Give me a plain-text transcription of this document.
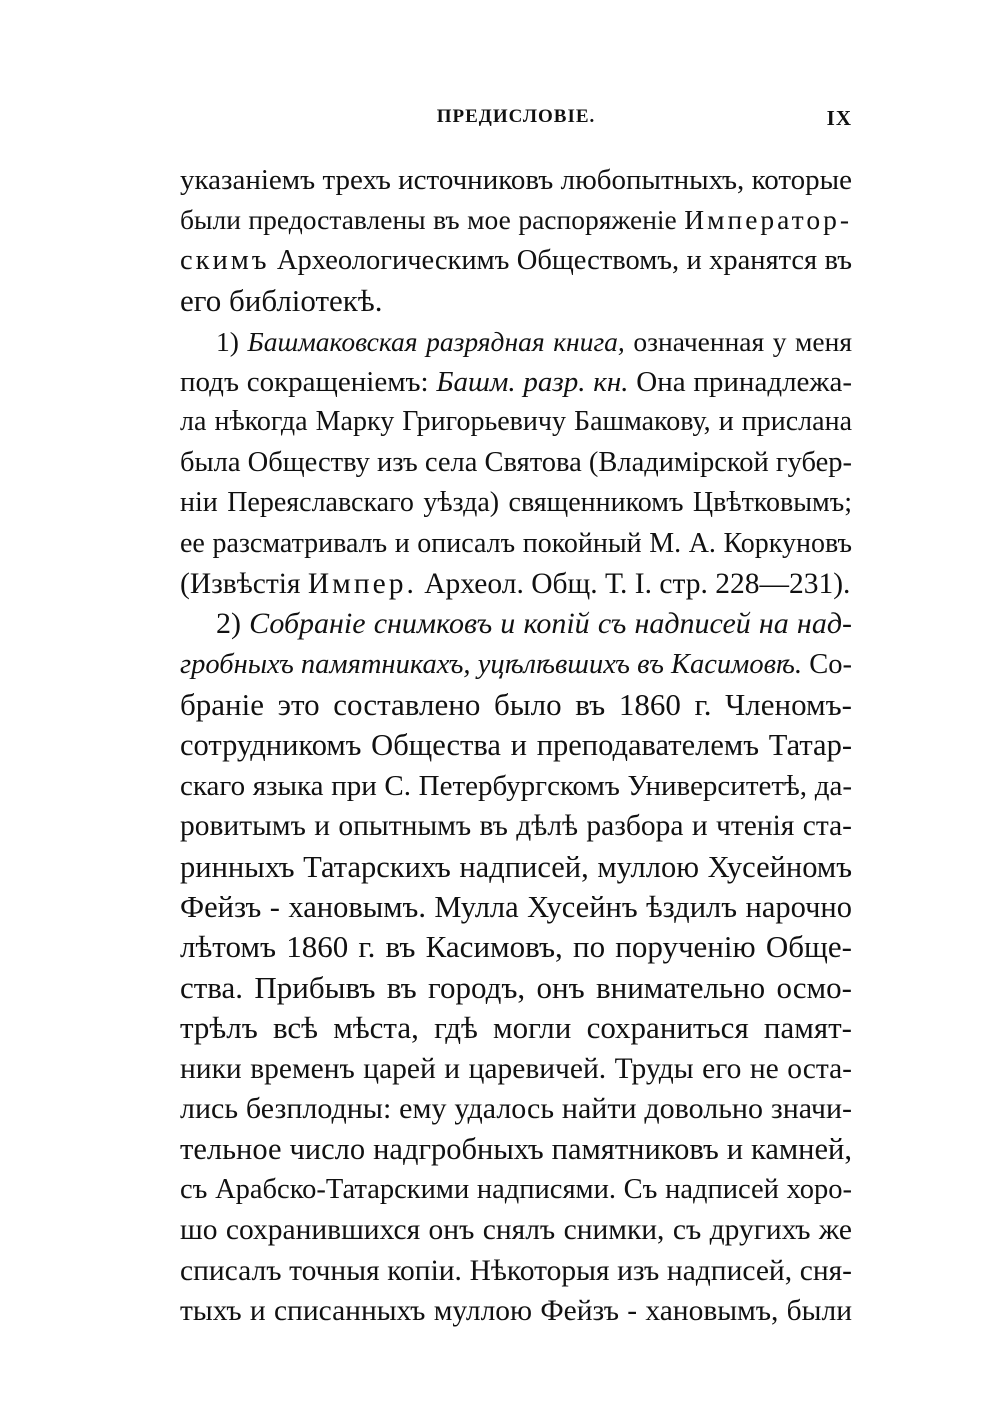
ПРЕДИСЛОВІЕ.	IX
указаніемъ трехъ источниковъ любопытныхъ, которые
были предоставлены въ мое распоряженіе Император-
скимъ Археологическимъ Обществомъ, и хранятся въ
его библіотекѣ.
1) Башмаковская разрядная книга, означенная у меня
подъ сокращеніемъ: Башм. разр. кн. Она принадлежа-
ла нѣкогда Марку Григорьевичу Башмакову, и прислана
была Обществу изъ села Святова (Владимірской губер-
ніи Переяславскаго уѣзда) священникомъ Цвѣтковымъ;
ее разсматривалъ и описалъ покойный М. А. Коркуновъ
(Извѣстія Импер. Археол. Общ. Т. I. стр. 228—231).
2) Собраніе снимковъ и копій съ надписей на над-
гробныхъ памятникахъ, уцѣлѣвшихъ въ Касимовѣ. Со-
браніе это составлено было въ 1860 г. Членомъ-
сотрудникомъ Общества и преподавателемъ Татар-
скаго языка при С. Петербургскомъ Университетѣ, да-
ровитымъ и опытнымъ въ дѣлѣ разбора и чтенія ста-
ринныхъ Татарскихъ надписей, муллою Хусейномъ
Фейзъ - хановымъ. Мулла Хусейнъ ѣздилъ нарочно
лѣтомъ 1860 г. въ Касимовъ, по порученію Обще-
ства. Прибывъ въ городъ, онъ внимательно осмо-
трѣлъ всѣ мѣста, гдѣ могли сохраниться памят-
ники временъ царей и царевичей. Труды его не оста-
лись безплодны: ему удалось найти довольно значи-
тельное число надгробныхъ памятниковъ и камней,
съ Арабско-Татарскими надписями. Съ надписей хоро-
шо сохранившихся онъ снялъ снимки, съ другихъ же
списалъ точныя копіи. Нѣкоторыя изъ надписей, сня-
тыхъ и списанныхъ муллою Фейзъ - хановымъ, были
